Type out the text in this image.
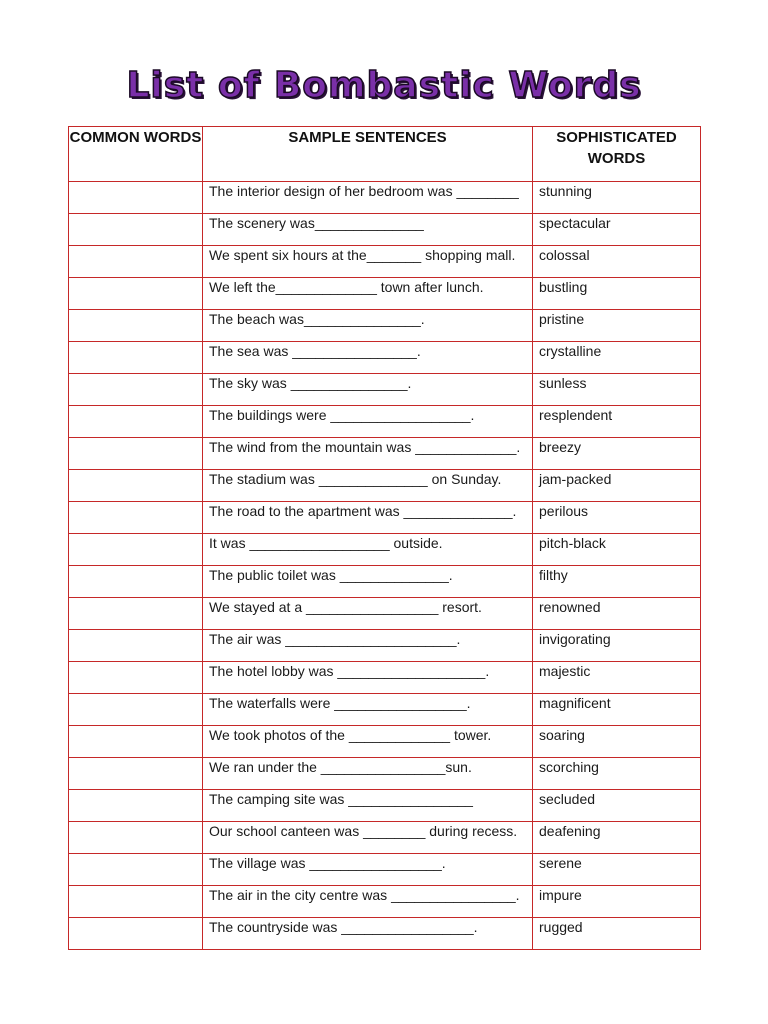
List of Bombastic Words
COMMON WORDS	SAMPLE SENTENCES	SOPHISTICATED WORDS

	The interior design of her bedroom was ________	stunning
	The scenery was______________	spectacular
	We spent six hours at the_______ shopping mall.	colossal
	We left the_____________ town after lunch.	bustling
	The beach was_______________.	pristine
	The sea was ________________.	crystalline
	The sky was _______________.	sunless
	The buildings were __________________.	resplendent
	The wind from the mountain was _____________.	breezy
	The stadium was ______________ on Sunday.	jam-packed
	The road to the apartment was ______________.	perilous
	It was __________________ outside.	pitch-black
	The public toilet was ______________.	filthy
	We stayed at a _________________ resort.	renowned
	The air was ______________________.	invigorating
	The hotel lobby was ___________________.	majestic
	The waterfalls were _________________.	magnificent
	We took photos of the _____________ tower.	soaring
	We ran under the ________________sun.	scorching
	The camping site was ________________	secluded
	Our school canteen was ________ during recess.	deafening
	The village was _________________.	serene
	The air in the city centre was ________________.	impure
	The countryside was _________________.	rugged
